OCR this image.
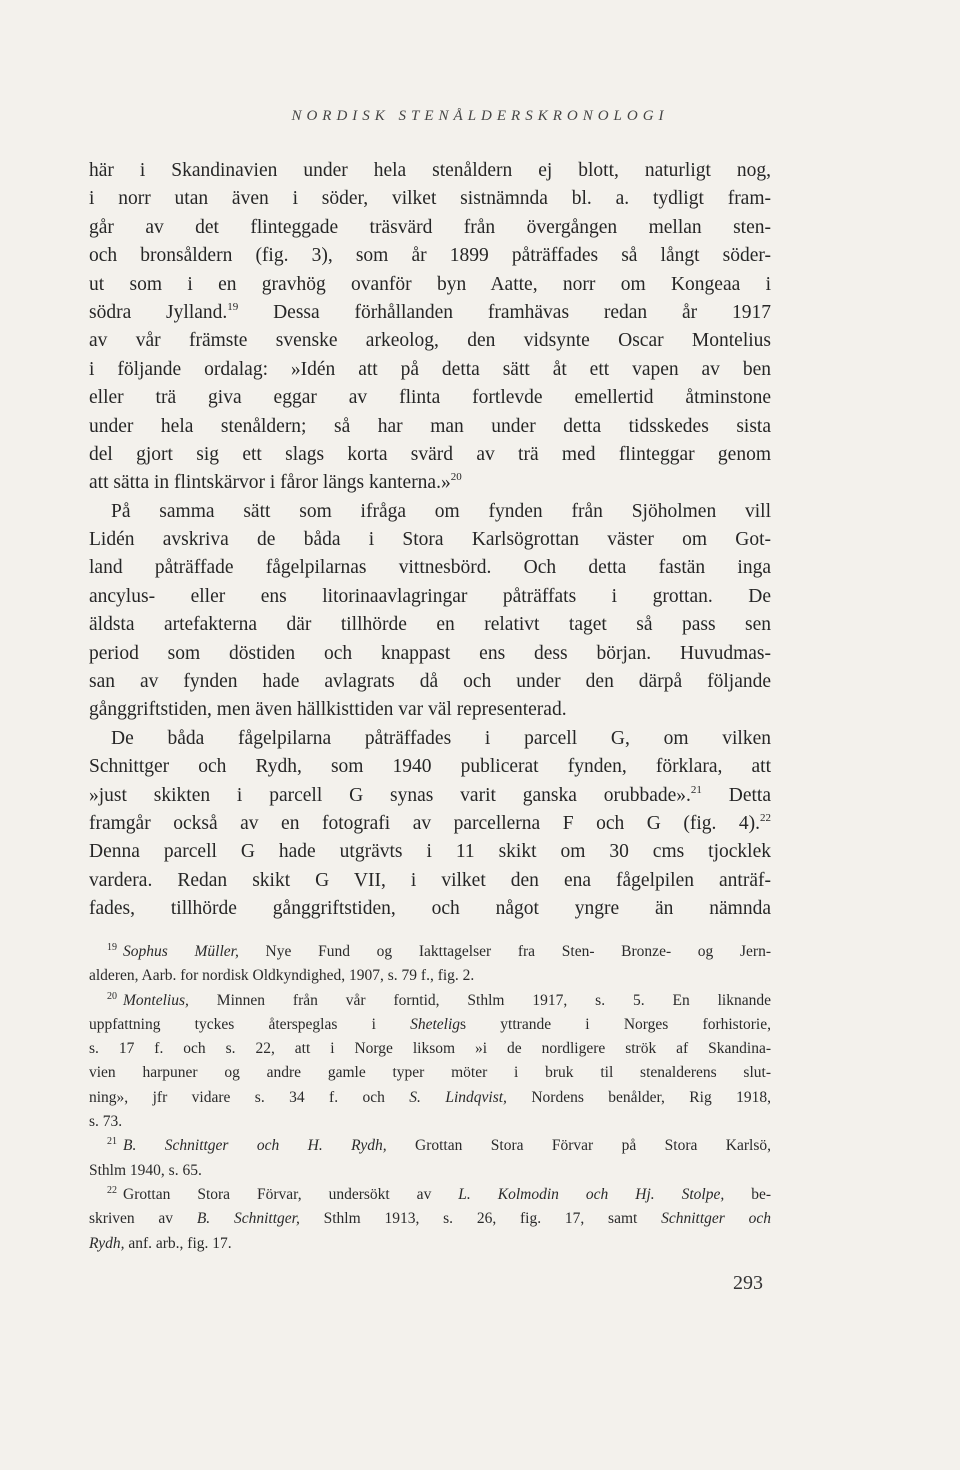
NORDISK STENÅLDERSKRONOLOGI
här i Skandinavien under hela stenåldern ej blott, naturligt nog,
i norr utan även i söder, vilket sistnämnda bl. a. tydligt fram-
går av det flinteggade träsvärd från övergången mellan sten-
och bronsåldern (fig. 3), som år 1899 påträffades så långt söder-
ut som i en gravhög ovanför byn Aatte, norr om Kongeaa i
södra Jylland.$^{19}$ Dessa förhållanden framhävas redan år 1917
av vår främste svenske arkeolog, den vidsynte Oscar Montelius
i följande ordalag: »Idén att på detta sätt åt ett vapen av ben
eller trä giva eggar av flinta fortlevde emellertid åtminstone
under hela stenåldern; så har man under detta tidsskedes sista
del gjort sig ett slags korta svärd av trä med flinteggar genom
att sätta in flintskärvor i fåror längs kanterna.»$^{20}$
På samma sätt som ifråga om fynden från Sjöholmen vill
Lidén avskriva de båda i Stora Karlsögrottan väster om Got-
land påträffade fågelpilarnas vittnesbörd. Och detta fastän inga
ancylus- eller ens litorinaavlagringar påträffats i grottan. De
äldsta artefakterna där tillhörde en relativt taget så pass sen
period som döstiden och knappast ens dess början. Huvudmas-
san av fynden hade avlagrats då och under den därpå följande
gånggriftstiden, men även hällkisttiden var väl representerad.
De båda fågelpilarna påträffades i parcell G, om vilken
Schnittger och Rydh, som 1940 publicerat fynden, förklara, att
»just skikten i parcell G synas varit ganska orubbade».$^{21}$ Detta
framgår också av en fotografi av parcellerna F och G (fig. 4).$^{22}$
Denna parcell G hade utgrävts i 11 skikt om 30 cms tjocklek
vardera. Redan skikt G VII, i vilket den ena fågelpilen anträf-
fades, tillhörde gånggriftstiden, och något yngre än nämnda
$^{19}$ Sophus Müller, Nye Fund og Iakttagelser fra Sten- Bronze- og Jern-
alderen, Aarb. for nordisk Oldkyndighed, 1907, s. 79 f., fig. 2.
$^{20}$ Montelius, Minnen från vår forntid, Sthlm 1917, s. 5. En liknande
uppfattning tyckes återspeglas i Sheteligs yttrande i Norges forhistorie,
s. 17 f. och s. 22, att i Norge liksom »i de nordligere strök af Skandina-
vien harpuner og andre gamle typer möter i bruk til stenalderens slut-
ning», jfr vidare s. 34 f. och S. Lindqvist, Nordens benålder, Rig 1918,
s. 73.
$^{21}$ B. Schnittger och H. Rydh, Grottan Stora Förvar på Stora Karlsö,
Sthlm 1940, s. 65.
$^{22}$ Grottan Stora Förvar, undersökt av L. Kolmodin och Hj. Stolpe, be-
skriven av B. Schnittger, Sthlm 1913, s. 26, fig. 17, samt Schnittger och
Rydh, anf. arb., fig. 17.
293
